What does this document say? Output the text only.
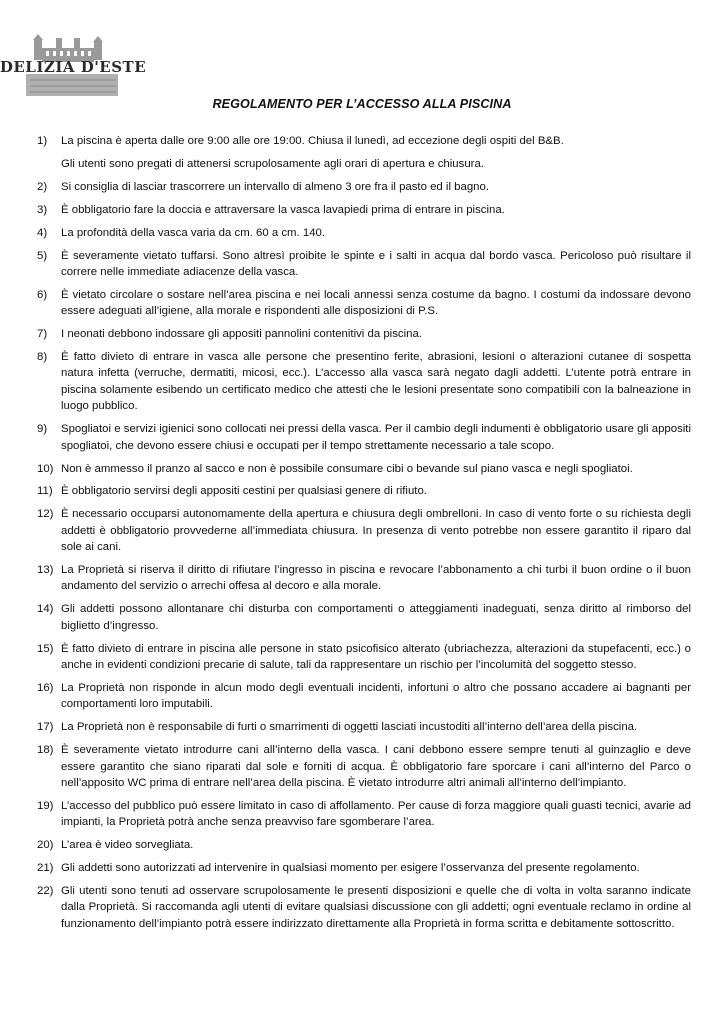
DELIZIA D'ESTE
REGOLAMENTO PER L’ACCESSO ALLA PISCINA
1) La piscina è aperta dalle ore 9:00 alle ore 19:00. Chiusa il lunedì, ad eccezione degli ospiti del B&B.

Gli utenti sono pregati di attenersi scrupolosamente agli orari di apertura e chiusura.

2) Si consiglia di lasciar trascorrere un intervallo di almeno 3 ore fra il pasto ed il bagno.

3) È obbligatorio fare la doccia e attraversare la vasca lavapiedi prima di entrare in piscina.

4) La profondità della vasca varia da cm. 60 a cm. 140.

5) È severamente vietato tuffarsi. Sono altresì proibite le spinte e i salti in acqua dal bordo vasca. Pericoloso può risultare il correre nelle immediate adiacenze della vasca.

6) È vietato circolare o sostare nell’area piscina e nei locali annessi senza costume da bagno. I costumi da indossare devono essere adeguati all’igiene, alla morale e rispondenti alle disposizioni di P.S.

7) I neonati debbono indossare gli appositi pannolini contenitivi da piscina.

8) È fatto divieto di entrare in vasca alle persone che presentino ferite, abrasioni, lesioni o alterazioni cutanee di sospetta natura infetta (verruche, dermatiti, micosi, ecc.). L’accesso alla vasca sarà negato dagli addetti. L’utente potrà entrare in piscina solamente esibendo un certificato medico che attesti che le lesioni presentate sono compatibili con la balneazione in luogo pubblico.

9) Spogliatoi e servizi igienici sono collocati nei pressi della vasca. Per il cambio degli indumenti è obbligatorio usare gli appositi spogliatoi, che devono essere chiusi e occupati per il tempo strettamente necessario a tale scopo.

10) Non è ammesso il pranzo al sacco e non è possibile consumare cibi o bevande sul piano vasca e negli spogliatoi.

11) È obbligatorio servirsi degli appositi cestini per qualsiasi genere di rifiuto.

12) È necessario occuparsi autonomamente della apertura e chiusura degli ombrelloni. In caso di vento forte o su richiesta degli addetti è obbligatorio provvederne all’immediata chiusura. In presenza di vento potrebbe non essere garantito il riparo dal sole ai cani.

13) La Proprietà si riserva il diritto di rifiutare l’ingresso in piscina e revocare l’abbonamento a chi turbi il buon ordine o il buon andamento del servizio o arrechi offesa al decoro e alla morale.

14) Gli addetti possono allontanare chi disturba con comportamenti o atteggiamenti inadeguati, senza diritto al rimborso del biglietto d’ingresso.

15) È fatto divieto di entrare in piscina alle persone in stato psicofisico alterato (ubriachezza, alterazioni da stupefacenti, ecc.) o anche in evidenti condizioni precarie di salute, tali da rappresentare un rischio per l’incolumità del soggetto stesso.

16) La Proprietà non risponde in alcun modo degli eventuali incidenti, infortuni o altro che possano accadere ai bagnanti per comportamenti loro imputabili.

17) La Proprietà non è responsabile di furti o smarrimenti di oggetti lasciati incustoditi all’interno dell’area della piscina.

18) È severamente vietato introdurre cani all’interno della vasca. I cani debbono essere sempre tenuti al guinzaglio e deve essere garantito che siano riparati dal sole e forniti di acqua. È obbligatorio fare sporcare i cani all’interno del Parco o nell’apposito WC prima di entrare nell’area della piscina. È vietato introdurre altri animali all’interno dell’impianto.

19) L’accesso del pubblico può essere limitato in caso di affollamento. Per cause di forza maggiore quali guasti tecnici, avarie ad impianti, la Proprietà potrà anche senza preavviso fare sgomberare l’area.

20) L’area è video sorvegliata.

21) Gli addetti sono autorizzati ad intervenire in qualsiasi momento per esigere l’osservanza del presente regolamento.

22) Gli utenti sono tenuti ad osservare scrupolosamente le presenti disposizioni e quelle che di volta in volta saranno indicate dalla Proprietà. Si raccomanda agli utenti di evitare qualsiasi discussione con gli addetti; ogni eventuale reclamo in ordine al funzionamento dell’impianto potrà essere indirizzato direttamente alla Proprietà in forma scritta e debitamente sottoscritto.
